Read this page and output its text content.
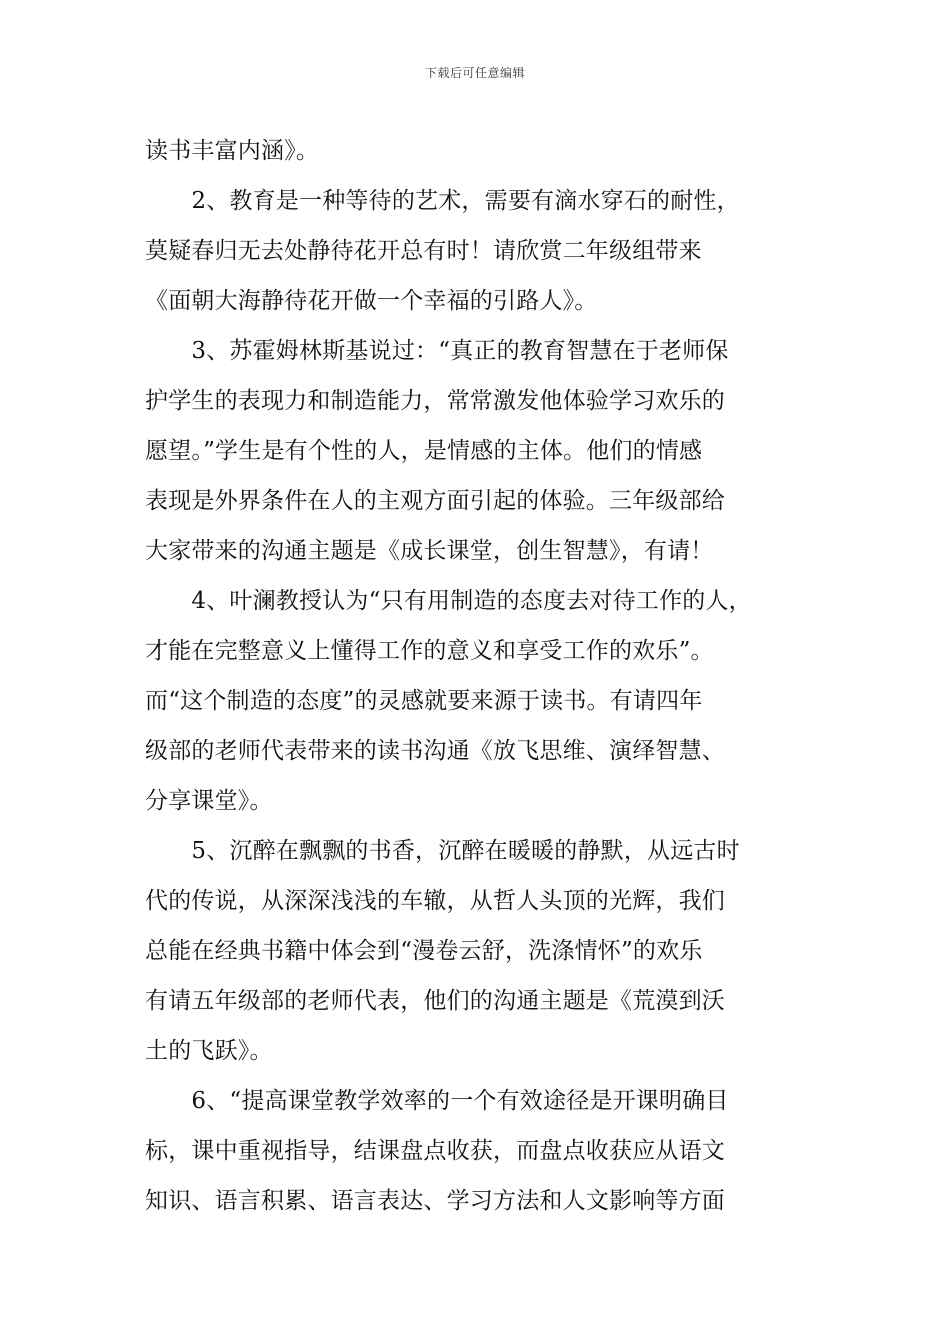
下载后可任意编辑
读书丰富内涵》。
　　2、教育是一种等待的艺术，需要有滴水穿石的耐性，
莫疑春归无去处静待花开总有时！请欣赏二年级组带来
《面朝大海静待花开做一个幸福的引路人》。
　　3、苏霍姆林斯基说过：“真正的教育智慧在于老师保
护学生的表现力和制造能力，常常激发他体验学习欢乐的
愿望。”学生是有个性的人，是情感的主体。他们的情感
表现是外界条件在人的主观方面引起的体验。三年级部给
大家带来的沟通主题是《成长课堂，创生智慧》，有请！
　　4、叶澜教授认为“只有用制造的态度去对待工作的人，
才能在完整意义上懂得工作的意义和享受工作的欢乐”。
而“这个制造的态度”的灵感就要来源于读书。有请四年
级部的老师代表带来的读书沟通《放飞思维、演绎智慧、
分享课堂》。
　　5、沉醉在飘飘的书香，沉醉在暖暖的静默，从远古时
代的传说，从深深浅浅的车辙，从哲人头顶的光辉，我们
总能在经典书籍中体会到“漫卷云舒，洗涤情怀”的欢乐
有请五年级部的老师代表，他们的沟通主题是《荒漠到沃
土的飞跃》。
　　6、“提高课堂教学效率的一个有效途径是开课明确目
标，课中重视指导，结课盘点收获，而盘点收获应从语文
知识、语言积累、语言表达、学习方法和人文影响等方面
